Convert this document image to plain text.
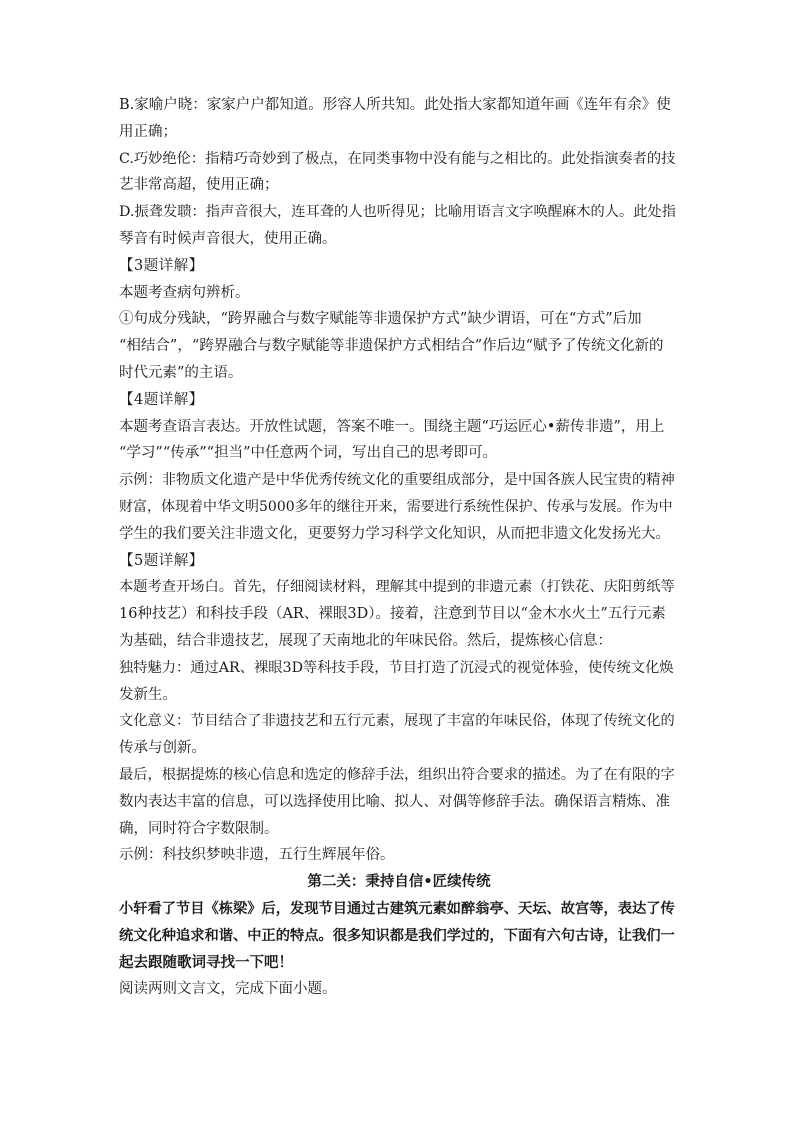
B.家喻户晓：家家户户都知道。形容人所共知。此处指大家都知道年画《连年有余》使

用正确；

C.巧妙绝伦：指精巧奇妙到了极点，在同类事物中没有能与之相比的。此处指演奏者的技

艺非常高超，使用正确；

D.振聋发聩：指声音很大，连耳聋的人也听得见；比喻用语言文字唤醒麻木的人。此处指

琴音有时候声音很大，使用正确。

【3题详解】

本题考查病句辨析。

①句成分残缺，“跨界融合与数字赋能等非遗保护方式”缺少谓语，可在“方式”后加

“相结合”，“跨界融合与数字赋能等非遗保护方式相结合”作后边“赋予了传统文化新的

时代元素”的主语。

【4题详解】

本题考查语言表达。开放性试题，答案不唯一。围绕主题“巧运匠心•薪传非遗”，用上

“学习”“传承”“担当”中任意两个词，写出自己的思考即可。

示例：非物质文化遗产是中华优秀传统文化的重要组成部分，是中国各族人民宝贵的精神

财富，体现着中华文明5000多年的继往开来，需要进行系统性保护、传承与发展。作为中

学生的我们要关注非遗文化，更要努力学习科学文化知识，从而把非遗文化发扬光大。

【5题详解】

本题考查开场白。首先，仔细阅读材料，理解其中提到的非遗元素（打铁花、庆阳剪纸等

16种技艺）和科技手段（AR、裸眼3D）。接着，注意到节目以“金木水火土”五行元素

为基础，结合非遗技艺，展现了天南地北的年味民俗。然后，提炼核心信息：

独特魅力：通过AR、裸眼3D等科技手段，节目打造了沉浸式的视觉体验，使传统文化焕

发新生。

文化意义：节目结合了非遗技艺和五行元素，展现了丰富的年味民俗，体现了传统文化的

传承与创新。

最后，根据提炼的核心信息和选定的修辞手法，组织出符合要求的描述。为了在有限的字

数内表达丰富的信息，可以选择使用比喻、拟人、对偶等修辞手法。确保语言精炼、准

确，同时符合字数限制。

示例：科技织梦映非遗，五行生辉展年俗。

第二关：秉持自信•匠续传统

小轩看了节目《栋梁》后，发现节目通过古建筑元素如醉翁亭、天坛、故宫等，表达了传

统文化种追求和谐、中正的特点。很多知识都是我们学过的，下面有六句古诗，让我们一

起去跟随歌词寻找一下吧！

阅读两则文言文，完成下面小题。
